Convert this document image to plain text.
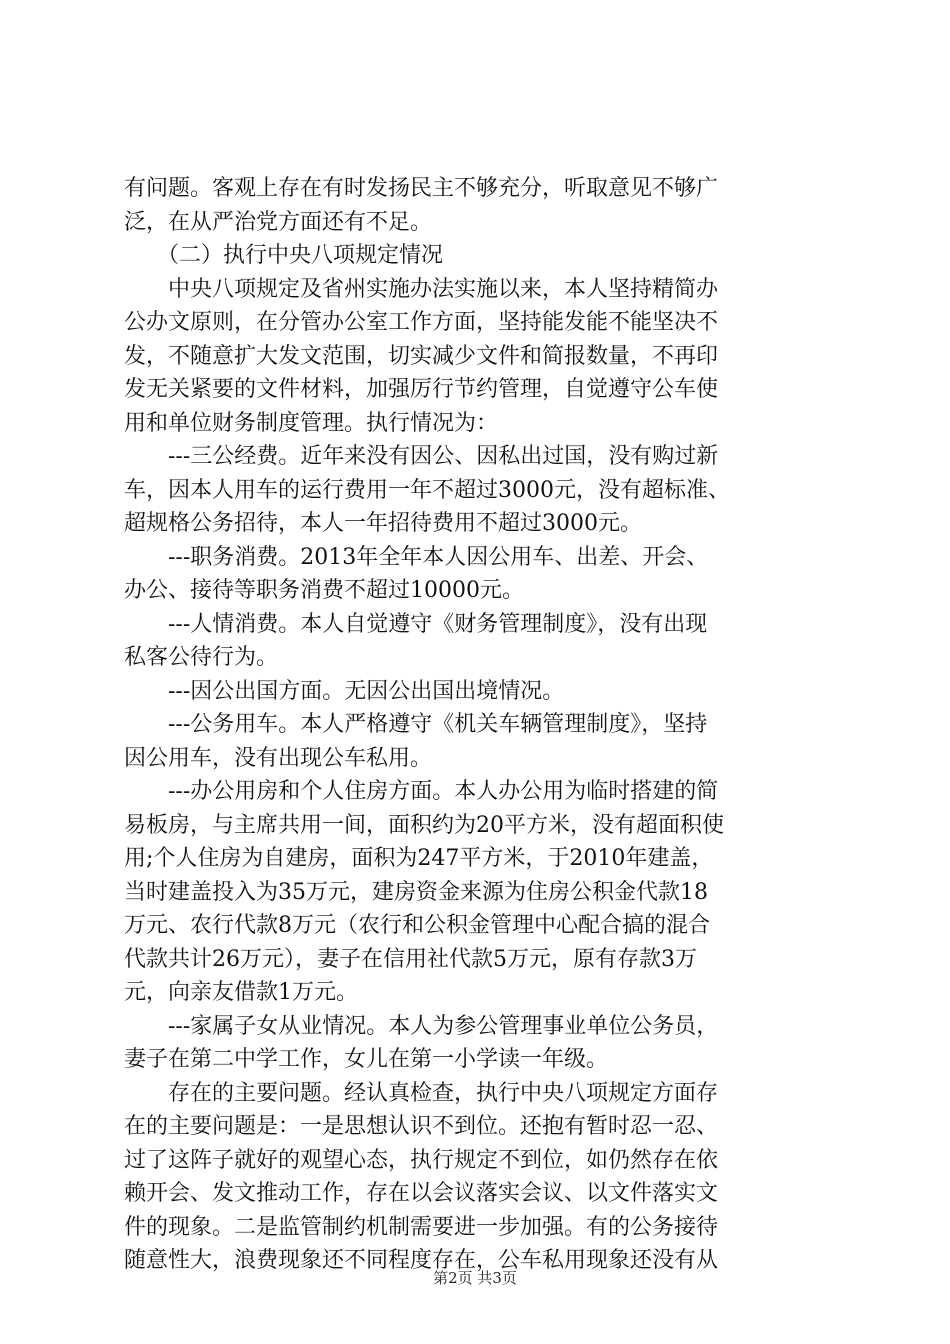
有问题。客观上存在有时发扬民主不够充分，听取意见不够广
泛，在从严治党方面还有不足。
　　（二）执行中央八项规定情况
　　中央八项规定及省州实施办法实施以来，本人坚持精简办
公办文原则，在分管办公室工作方面，坚持能发能不能坚决不
发，不随意扩大发文范围，切实减少文件和简报数量，不再印
发无关紧要的文件材料，加强厉行节约管理，自觉遵守公车使
用和单位财务制度管理。执行情况为：
　　---三公经费。近年来没有因公、因私出过国，没有购过新
车，因本人用车的运行费用一年不超过3000元，没有超标准、
超规格公务招待，本人一年招待费用不超过3000元。
　　---职务消费。2013年全年本人因公用车、出差、开会、
办公、接待等职务消费不超过10000元。
　　---人情消费。本人自觉遵守《财务管理制度》，没有出现
私客公待行为。
　　---因公出国方面。无因公出国出境情况。
　　---公务用车。本人严格遵守《机关车辆管理制度》，坚持
因公用车，没有出现公车私用。
　　---办公用房和个人住房方面。本人办公用为临时搭建的简
易板房，与主席共用一间，面积约为20平方米，没有超面积使
用;个人住房为自建房，面积为247平方米，于2010年建盖，
当时建盖投入为35万元，建房资金来源为住房公积金代款18
万元、农行代款8万元（农行和公积金管理中心配合搞的混合
代款共计26万元），妻子在信用社代款5万元，原有存款3万
元，向亲友借款1万元。
　　---家属子女从业情况。本人为参公管理事业单位公务员，
妻子在第二中学工作，女儿在第一小学读一年级。
　　存在的主要问题。经认真检查，执行中央八项规定方面存
在的主要问题是：一是思想认识不到位。还抱有暂时忍一忍、
过了这阵子就好的观望心态，执行规定不到位，如仍然存在依
赖开会、发文推动工作，存在以会议落实会议、以文件落实文
件的现象。二是监管制约机制需要进一步加强。有的公务接待
随意性大，浪费现象还不同程度存在，公车私用现象还没有从
第2页 共3页
